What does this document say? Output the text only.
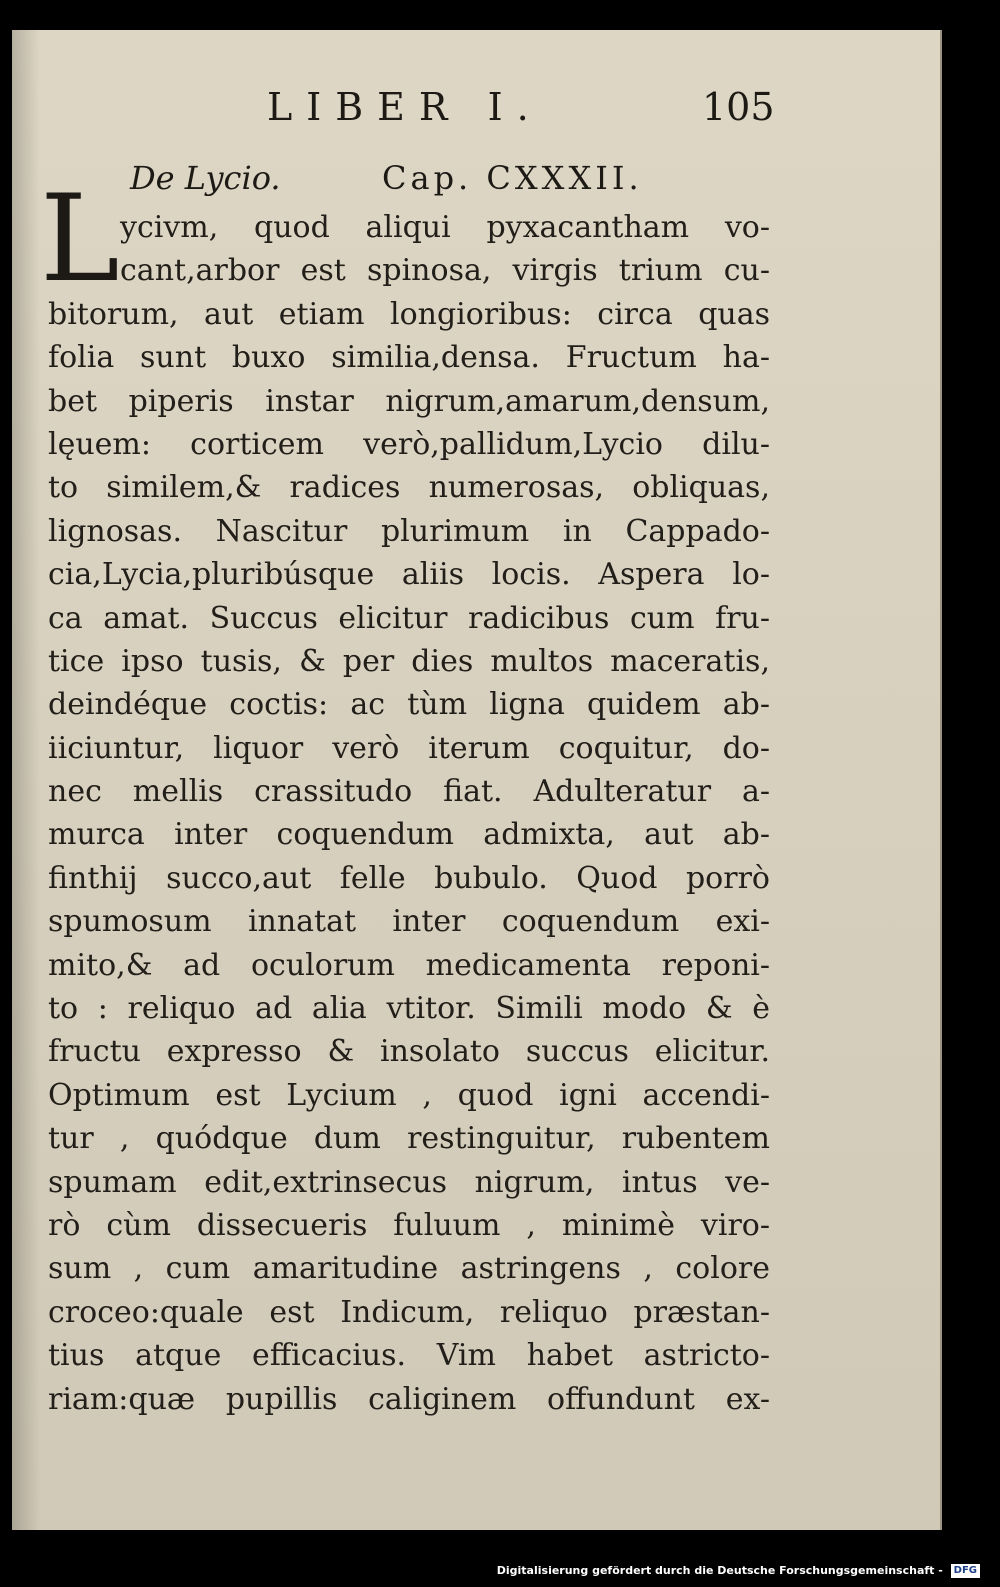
LIBER I.	105
De Lycio.	Cap. CXXXII.
L ycivm, quod aliqui pyxacantham vo-
cant,arbor est spinosa, virgis trium cu-
bitorum, aut etiam longioribus: circa quas
folia sunt buxo similia,densa. Fructum ha-
bet piperis instar nigrum,amarum,densum,
lęuem: corticem verò,pallidum,Lycio dilu-
to similem,& radices numerosas, obliquas,
lignosas. Nascitur plurimum in Cappado-
cia,Lycia,pluribúsque aliis locis. Aspera lo-
ca amat. Succus elicitur radicibus cum fru-
tice ipso tusis, & per dies multos maceratis,
deindéque coctis: ac tùm ligna quidem ab-
iiciuntur, liquor verò iterum coquitur, do-
nec mellis crassitudo fiat. Adulteratur a-
murca inter coquendum admixta, aut ab-
finthij succo,aut felle bubulo. Quod porrò
spumosum innatat inter coquendum exi-
mito,& ad oculorum medicamenta reponi-
to : reliquo ad alia vtitor. Simili modo & è
fructu expresso & insolato succus elicitur.
Optimum est Lycium , quod igni accendi-
tur , quódque dum restinguitur, rubentem
spumam edit,extrinsecus nigrum, intus ve-
rò cùm dissecueris fuluum , minimè viro-
sum , cum amaritudine astringens , colore
croceo:quale est Indicum, reliquo præstan-
tius atque efficacius. Vim habet astricto-
riam:quæ pupillis caliginem offundunt ex-
Digitalisierung gefördert durch die Deutsche Forschungsgemeinschaft - DFG
